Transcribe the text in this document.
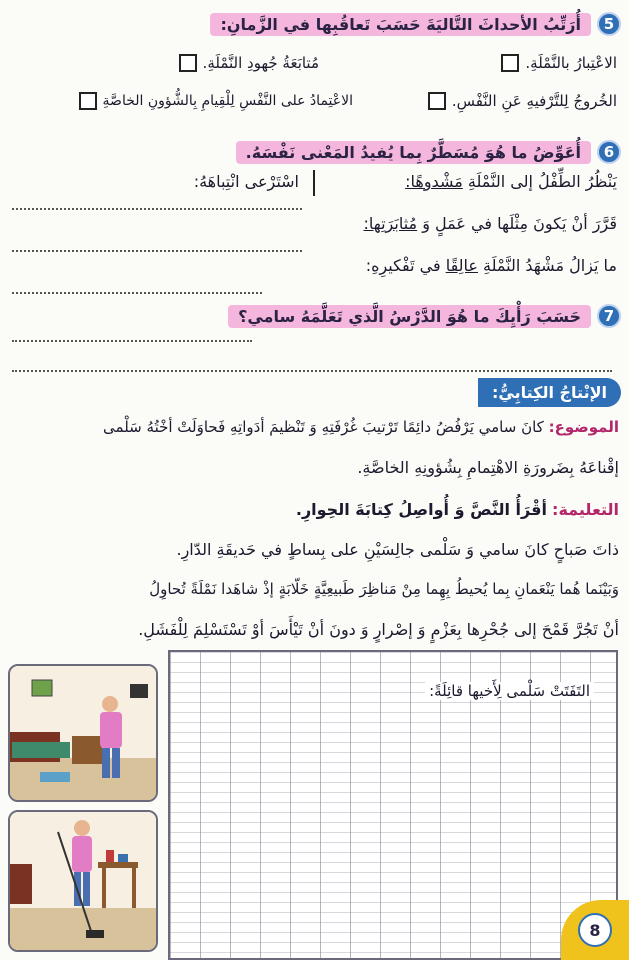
5
أُرَتِّبُ الأحداثَ التَّاليَةَ حَسَبَ تَعاقُبِها في الزَّمانِ:
الاعْتِبارُ بالنَّمْلَةِ.
مُتابَعَةُ جُهودِ النَّمْلَةِ.
الخُروجُ لِلتَّرْفيهِ عَنِ النَّفْسِ.
الاعْتِمادُ على النَّفْسِ لِلْقِيامِ بِالشُّؤونِ الخاصَّةِ
6
أُعَوِّضُ ما هُوَ مُسَطَّرٌ بِما يُفيدُ المَعْنى نَفْسَهُ.
يَنْظُرُ الطِّفْلُ إلى النَّمْلَةِ مَشْدوهًا:
اسْتَرْعى انْتِباهَهُ:
قَرَّرَ أنْ يَكونَ مِثْلَها في عَمَلٍ وَ مُثابَرَتِها:
ما يَزالُ مَشْهَدُ النَّمْلَةِ عالِقًا في تَفْكيرِهِ:
7
حَسَبَ رَأْيِكَ ما هُوَ الدَّرْسُ الَّذي تَعَلَّمَهُ سامي؟
الإنْتاجُ الكِتابِيُّ:
الموضوع: كانَ سامي يَرْفُضُ دائِمًا تَرْتيبَ غُرْفَتِهِ وَ تَنْظيمَ أدَواتِهِ فَحاوَلَتْ أخْتُهُ سَلْمى
إقْناعَهُ بِضَرورَةِ الاهْتِمامِ بِشُؤونِهِ الخاصَّةِ.
التعليمة: أقْرَأُ النَّصَّ وَ أُواصِلُ كِتابَةَ الحِوارِ.
ذاتَ صَباحٍ كانَ سامي وَ سَلْمى جالِسَيْنِ على بِساطٍ في حَديقَةِ الدّارِ.
وَبَيْنَما هُما يَنْعَمانِ بِما يُحيطُ بِهِما مِنْ مَناظِرَ طَبيعِيَّةٍ خَلّابَةٍ إذْ شاهَدا نَمْلَةً تُحاوِلُ
أنْ تَجُرَّ قَمْحَ إلى جُحْرِها بِعَزْمٍ وَ إصْرارٍ وَ دونَ أنْ تَيْأَسَ أوْ تَسْتَسْلِمَ لِلْفَشَلِ.
التَفَتَتْ سَلْمى لِأَخيها قائِلَةً:
8
